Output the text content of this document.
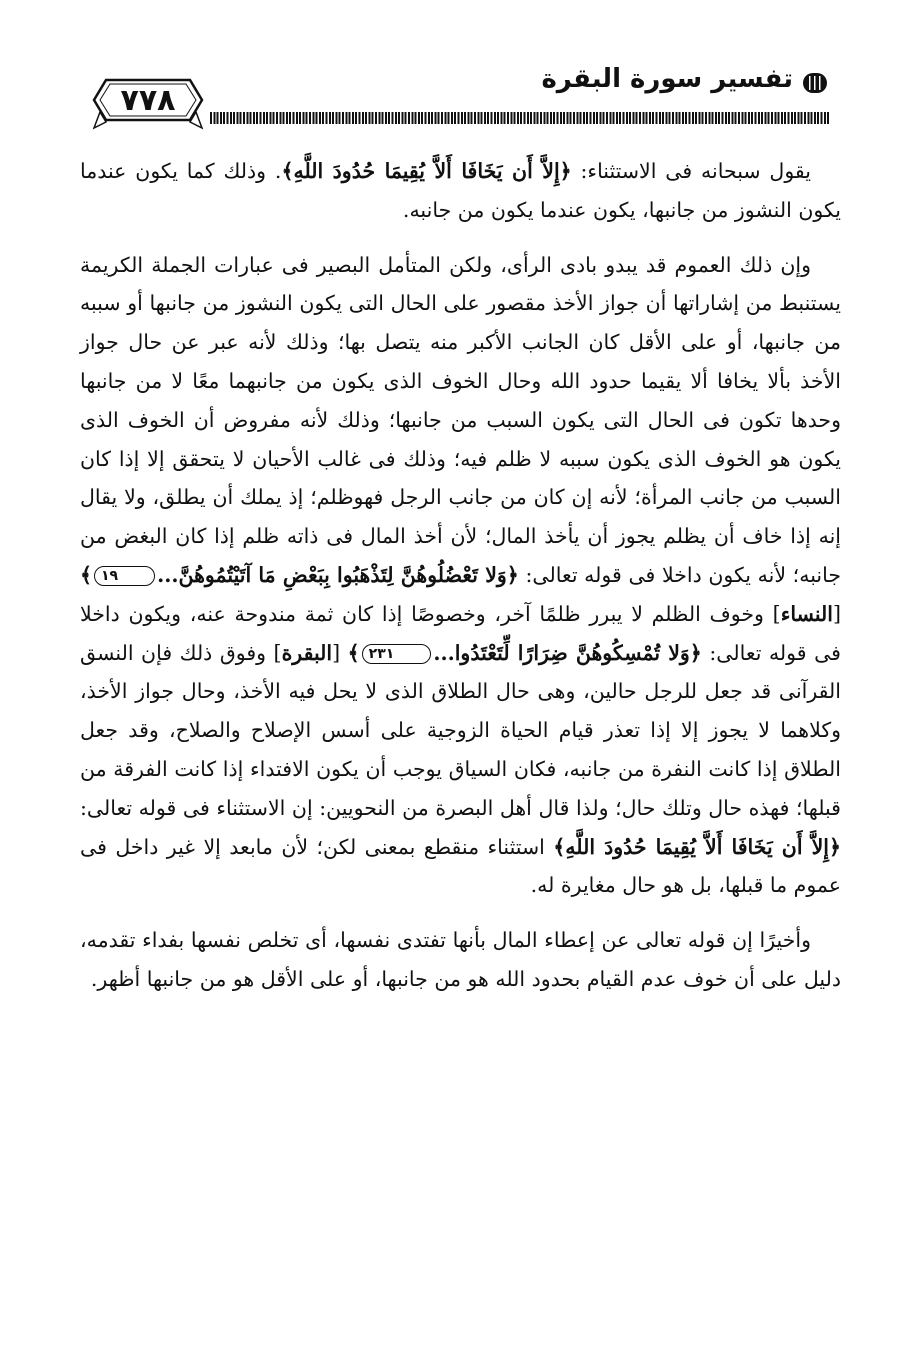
٧٧٨
تفسير سورة البقرة

يقول سبحانه فى الاستثناء: ﴿إِلاَّ أَن يَخَافَا أَلاَّ يُقِيمَا حُدُودَ اللَّهِ﴾. وذلك كما يكون عندما يكون النشوز من جانبها، يكون عندما يكون من جانبه.

وإن ذلك العموم قد يبدو بادى الرأى، ولكن المتأمل البصير فى عبارات الجملة الكريمة يستنبط من إشاراتها أن جواز الأخذ مقصور على الحال التى يكون النشوز من جانبها أو سببه من جانبها، أو على الأقل كان الجانب الأكبر منه يتصل بها؛ وذلك لأنه عبر عن حال جواز الأخذ بألا يخافا ألا يقيما حدود الله وحال الخوف الذى يكون من جانبهما معًا لا من جانبها وحدها تكون فى الحال التى يكون السبب من جانبها؛ وذلك لأنه مفروض أن الخوف الذى يكون هو الخوف الذى يكون سببه لا ظلم فيه؛ وذلك فى غالب الأحيان لا يتحقق إلا إذا كان السبب من جانب المرأة؛ لأنه إن كان من جانب الرجل فهوظلم؛ إذ يملك أن يطلق، ولا يقال إنه إذا خاف أن يظلم يجوز أن يأخذ المال؛ لأن أخذ المال فى ذاته ظلم إذا كان البغض من جانبه؛ لأنه يكون داخلا فى قوله تعالى: ﴿وَلا تَعْضُلُوهُنَّ لِتَذْهَبُوا بِبَعْضِ مَا آتَيْتُمُوهُنَّ...١٩﴾ [النساء] وخوف الظلم لا يبرر ظلمًا آخر، وخصوصًا إذا كان ثمة مندوحة عنه، ويكون داخلا فى قوله تعالى: ﴿وَلا تُمْسِكُوهُنَّ ضِرَارًا لِّتَعْتَدُوا...٢٣١﴾ [البقرة] وفوق ذلك فإن النسق القرآنى قد جعل للرجل حالين، وهى حال الطلاق الذى لا يحل فيه الأخذ، وحال جواز الأخذ، وكلاهما لا يجوز إلا إذا تعذر قيام الحياة الزوجية على أسس الإصلاح والصلاح، وقد جعل الطلاق إذا كانت النفرة من جانبه، فكان السياق يوجب أن يكون الافتداء إذا كانت الفرقة من قبلها؛ فهذه حال وتلك حال؛ ولذا قال أهل البصرة من النحويين: إن الاستثناء فى قوله تعالى: ﴿إِلاَّ أَن يَخَافَا أَلاَّ يُقِيمَا حُدُودَ اللَّهِ﴾ استثناء منقطع بمعنى لكن؛ لأن مابعد إلا غير داخل فى عموم ما قبلها، بل هو حال مغايرة له.

وأخيرًا إن قوله تعالى عن إعطاء المال بأنها تفتدى نفسها، أى تخلص نفسها بفداء تقدمه، دليل على أن خوف عدم القيام بحدود الله هو من جانبها، أو على الأقل هو من جانبها أظهر.
